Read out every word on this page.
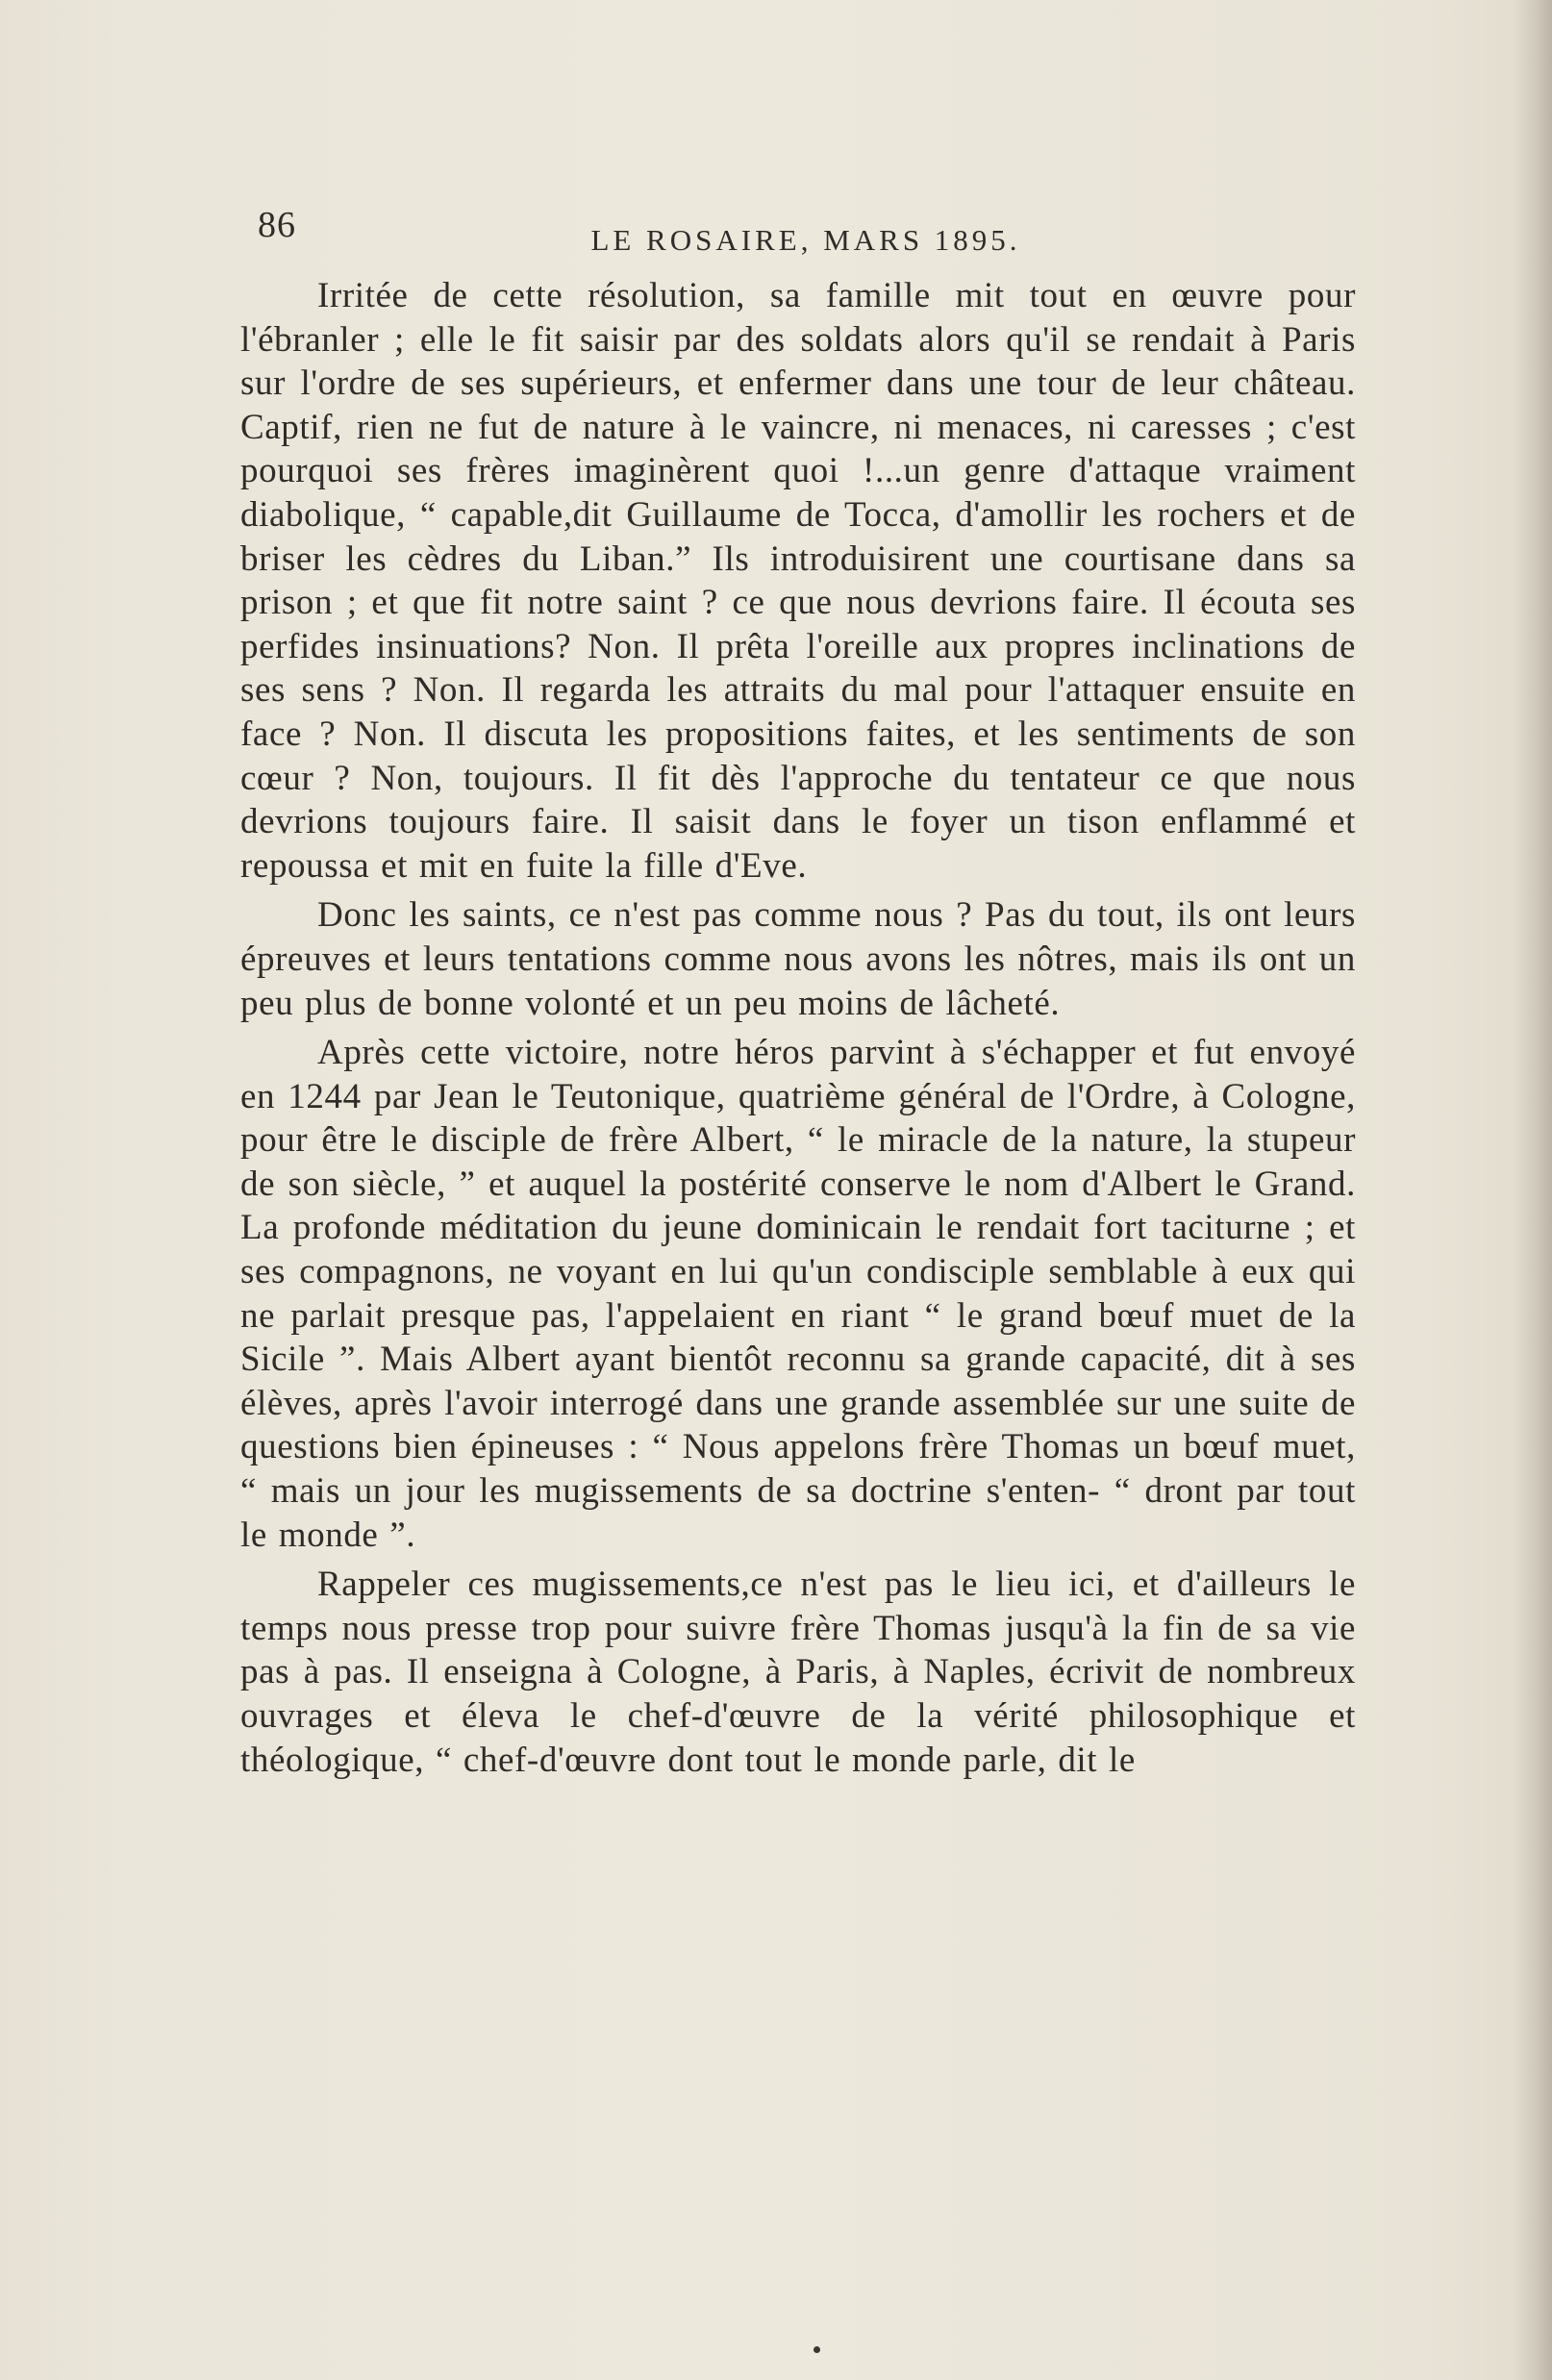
86	LE ROSAIRE, MARS 1895.

Irritée de cette résolution, sa famille mit tout en œuvre pour l'ébranler ; elle le fit saisir par des soldats alors qu'il se rendait à Paris sur l'ordre de ses supérieurs, et enfermer dans une tour de leur château. Captif, rien ne fut de nature à le vaincre, ni menaces, ni caresses ; c'est pourquoi ses frères imaginèrent quoi !...un genre d'attaque vraiment diabolique, “ capable,dit Guillaume de Tocca, d'amollir les rochers et de briser les cèdres du Liban.” Ils introduisirent une courtisane dans sa prison ; et que fit notre saint ? ce que nous devrions faire. Il écouta ses perfides insinuations? Non. Il prêta l'oreille aux propres inclinations de ses sens ? Non. Il regarda les attraits du mal pour l'attaquer ensuite en face ? Non. Il discuta les propositions faites, et les sentiments de son cœur ? Non, toujours. Il fit dès l'approche du tentateur ce que nous devrions toujours faire. Il saisit dans le foyer un tison enflammé et repoussa et mit en fuite la fille d'Eve.

Donc les saints, ce n'est pas comme nous ? Pas du tout, ils ont leurs épreuves et leurs tentations comme nous avons les nôtres, mais ils ont un peu plus de bonne volonté et un peu moins de lâcheté.

Après cette victoire, notre héros parvint à s'échapper et fut envoyé en 1244 par Jean le Teutonique, quatrième général de l'Ordre, à Cologne, pour être le disciple de frère Albert, “ le miracle de la nature, la stupeur de son siècle, ” et auquel la postérité conserve le nom d'Albert le Grand. La profonde méditation du jeune dominicain le rendait fort taciturne ; et ses compagnons, ne voyant en lui qu'un condisciple semblable à eux qui ne parlait presque pas, l'appelaient en riant “ le grand bœuf muet de la Sicile ”. Mais Albert ayant bientôt reconnu sa grande capacité, dit à ses élèves, après l'avoir interrogé dans une grande assemblée sur une suite de questions bien épineuses : “ Nous appelons frère Thomas un bœuf muet, “ mais un jour les mugissements de sa doctrine s'enten- “ dront par tout le monde ”.

Rappeler ces mugissements,ce n'est pas le lieu ici, et d'ailleurs le temps nous presse trop pour suivre frère Thomas jusqu'à la fin de sa vie pas à pas. Il enseigna à Cologne, à Paris, à Naples, écrivit de nombreux ouvrages et éleva le chef-d'œuvre de la vérité philosophique et théologique, “ chef-d'œuvre dont tout le monde parle, dit le
